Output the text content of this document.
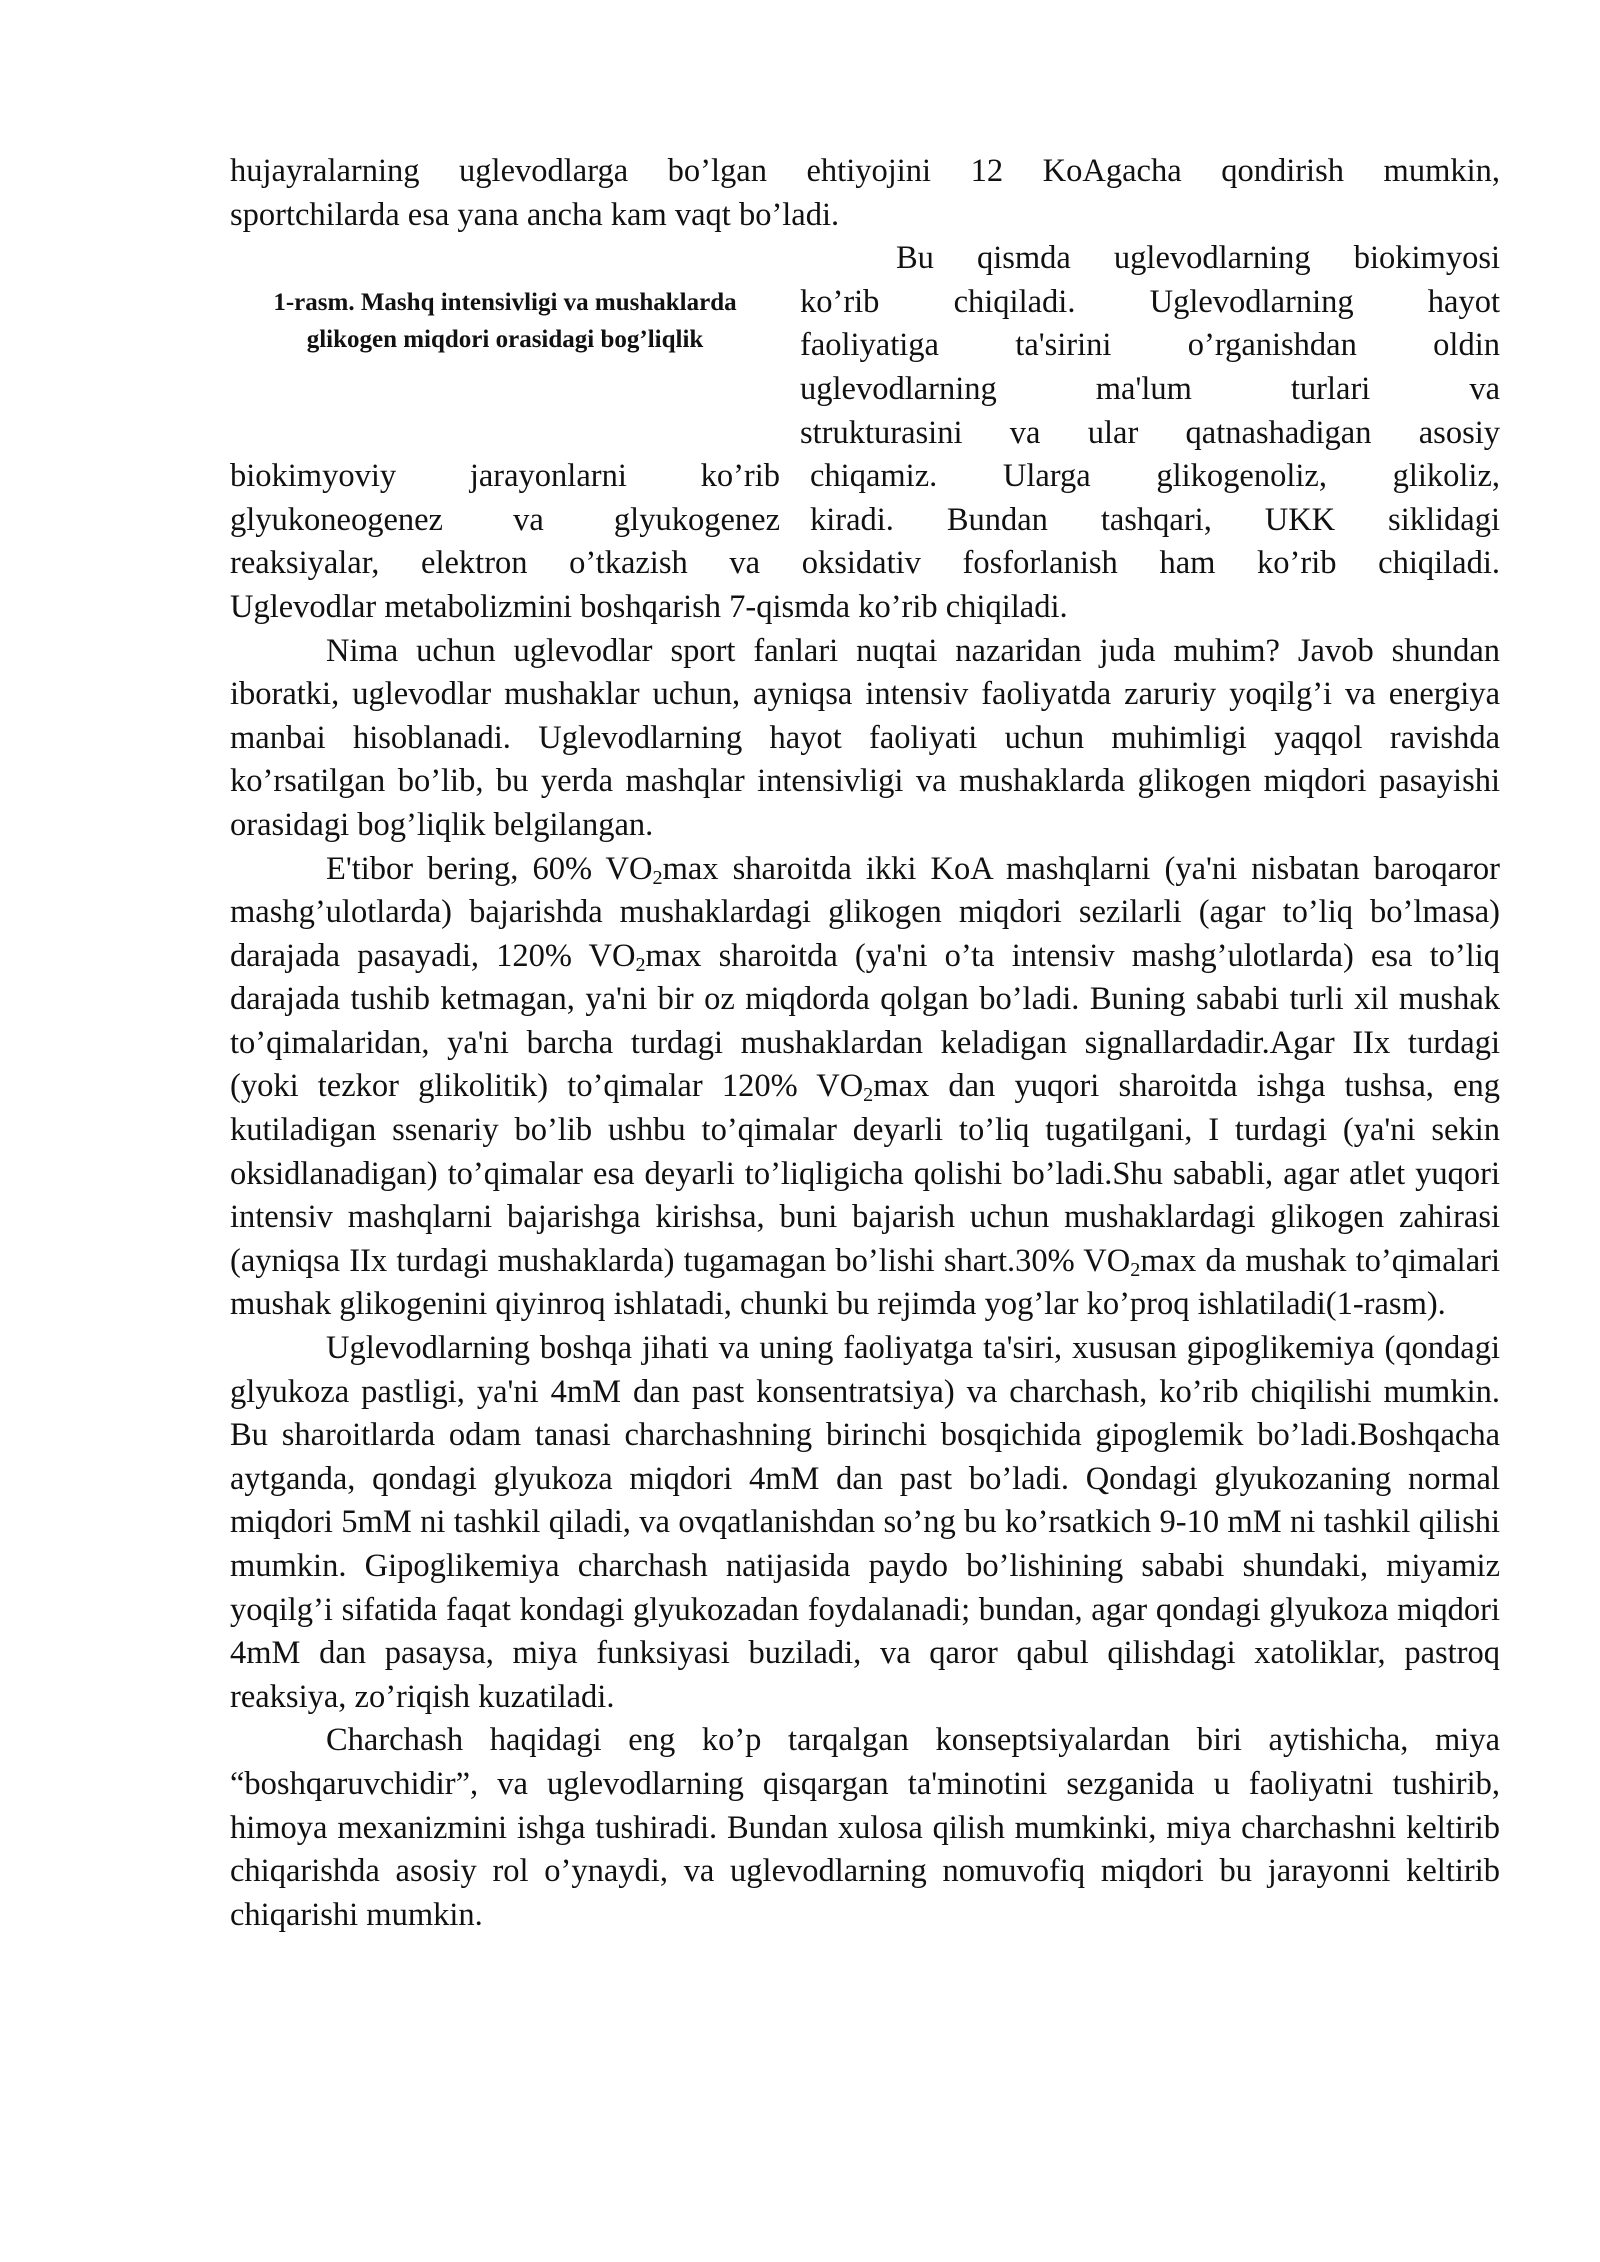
hujayralarning uglevodlarga bo’lgan ehtiyojini 12 KoAgacha qondirish mumkin,
sportchilarda esa yana ancha kam vaqt bo’ladi.
1-rasm. Mashq intensivligi va mushaklarda glikogen miqdori orasidagi bog’liqlik
Bu qismda uglevodlarning biokimyosi
ko’rib chiqiladi. Uglevodlarning hayot
faoliyatiga ta'sirini o’rganishdan oldin
uglevodlarning ma'lum turlari va
strukturasini va ular qatnashadigan asosiy
biokimyoviy jarayonlarni ko’rib chiqamiz. Ularga glikogenoliz, glikoliz,
glyukoneogenez va glyukogenez kiradi. Bundan tashqari, UKK siklidagi
reaksiyalar, elektron o’tkazish va oksidativ fosforlanish ham ko’rib chiqiladi.
Uglevodlar metabolizmini boshqarish 7-qismda ko’rib chiqiladi.

Nima uchun uglevodlar sport fanlari nuqtai nazaridan juda muhim? Javob shundan iboratki, uglevodlar mushaklar uchun, ayniqsa intensiv faoliyatda zaruriy yoqilg’i va energiya manbai hisoblanadi. Uglevodlarning hayot faoliyati uchun muhimligi yaqqol ravishda ko’rsatilgan bo’lib, bu yerda mashqlar intensivligi va mushaklarda glikogen miqdori pasayishi orasidagi bog’liqlik belgilangan.

E'tibor bering, 60% $VO_2\max$ sharoitda ikki KoA mashqlarni (ya'ni nisbatan baroqaror mashg’ulotlarda) bajarishda mushaklardagi glikogen miqdori sezilarli (agar to’liq bo’lmasa) darajada pasayadi, 120% $VO_2\max$ sharoitda (ya'ni o’ta intensiv mashg’ulotlarda) esa to’liq darajada tushib ketmagan, ya'ni bir oz miqdorda qolgan bo’ladi. Buning sababi turli xil mushak to’qimalaridan, ya'ni barcha turdagi mushaklardan keladigan signallardadir.Agar IIx turdagi (yoki tezkor glikolitik) to’qimalar 120% $VO_2\max$ dan yuqori sharoitda ishga tushsa, eng kutiladigan ssenariy bo’lib ushbu to’qimalar deyarli to’liq tugatilgani, I turdagi (ya'ni sekin oksidlanadigan) to’qimalar esa deyarli to’liqligicha qolishi bo’ladi.Shu sababli, agar atlet yuqori intensiv mashqlarni bajarishga kirishsa, buni bajarish uchun mushaklardagi glikogen zahirasi (ayniqsa IIx turdagi mushaklarda) tugamagan bo’lishi shart.30% $VO_2\max$ da mushak to’qimalari mushak glikogenini qiyinroq ishlatadi, chunki bu rejimda yog’lar ko’proq ishlatiladi(1-rasm).

Uglevodlarning boshqa jihati va uning faoliyatga ta'siri, xususan gipoglikemiya (qondagi glyukoza pastligi, ya'ni 4mM dan past konsentratsiya) va charchash, ko’rib chiqilishi mumkin. Bu sharoitlarda odam tanasi charchashning birinchi bosqichida gipoglemik bo’ladi.Boshqacha aytganda, qondagi glyukoza miqdori 4mM dan past bo’ladi. Qondagi glyukozaning normal miqdori 5mM ni tashkil qiladi, va ovqatlanishdan so’ng bu ko’rsatkich 9-10 mM ni tashkil qilishi mumkin. Gipoglikemiya charchash natijasida paydo bo’lishining sababi shundaki, miyamiz yoqilg’i sifatida faqat kondagi glyukozadan foydalanadi; bundan, agar qondagi glyukoza miqdori 4mM dan pasaysa, miya funksiyasi buziladi, va qaror qabul qilishdagi xatoliklar, pastroq reaksiya, zo’riqish kuzatiladi.

Charchash haqidagi eng ko’p tarqalgan konseptsiyalardan biri aytishicha, miya “boshqaruvchidir”, va uglevodlarning qisqargan ta'minotini sezganida u faoliyatni tushirib, himoya mexanizmini ishga tushiradi. Bundan xulosa qilish mumkinki, miya charchashni keltirib chiqarishda asosiy rol o’ynaydi, va uglevodlarning nomuvofiq miqdori bu jarayonni keltirib chiqarishi mumkin.
